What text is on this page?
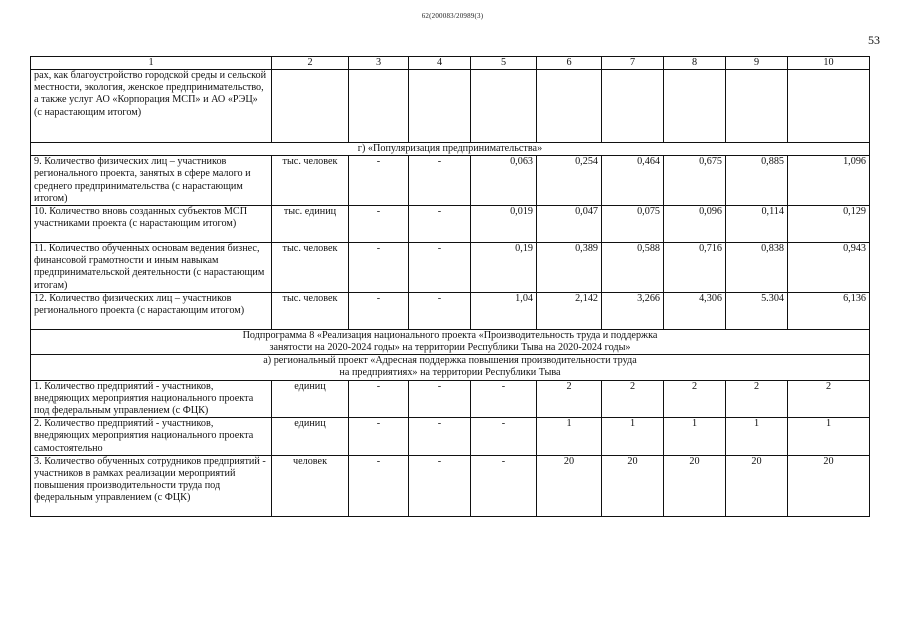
62(200083/20989(3)
53
1	2	3	4	5	6	7	8	9	10
рах, как благоустройство городской среды и сельской местности, экология, женское предпринимательство, а также услуг АО «Корпорация МСП» и АО «РЭЦ» (с нарастающим итогом)									
г) «Популяризация предпринимательства»									
9. Количество физических лиц – участников регионального проекта, занятых в сфере малого и среднего предпринимательства (с нарастающим итогом)	тыс. человек	-	-	0,063	0,254	0,464	0,675	0,885	1,096
10. Количество вновь созданных субъектов МСП участниками проекта (с нарастающим итогом)	тыс. единиц	-	-	0,019	0,047	0,075	0,096	0,114	0,129
11. Количество обученных основам ведения бизнес, финансовой грамотности и иным навыкам предпринимательской деятельности (с нарастающим итогам)	тыс. человек	-	-	0,19	0,389	0,588	0,716	0,838	0,943
12. Количество физических лиц – участников регионального проекта (с нарастающим итогом)	тыс. человек	-	-	1,04	2,142	3,266	4,306	5.304	6,136
Подпрограмма 8 «Реализация национального проекта «Производительность труда и поддержка занятости на 2020-2024 годы» на территории Республики Тыва на 2020-2024 годы»									
а) региональный проект «Адресная поддержка повышения производительности труда на предприятиях» на территории Республики Тыва									
1. Количество предприятий - участников, внедряющих мероприятия национального проекта под федеральным управлением (с ФЦК)	единиц	-	-	-	2	2	2	2	2
2. Количество предприятий - участников, внедряющих мероприятия национального проекта самостоятельно	единиц	-	-	-	1	1	1	1	1
3. Количество обученных сотрудников предприятий - участников в рамках реализации мероприятий повышения производительности труда под федеральным управлением (с ФЦК)	человек	-	-	-	20	20	20	20	20
